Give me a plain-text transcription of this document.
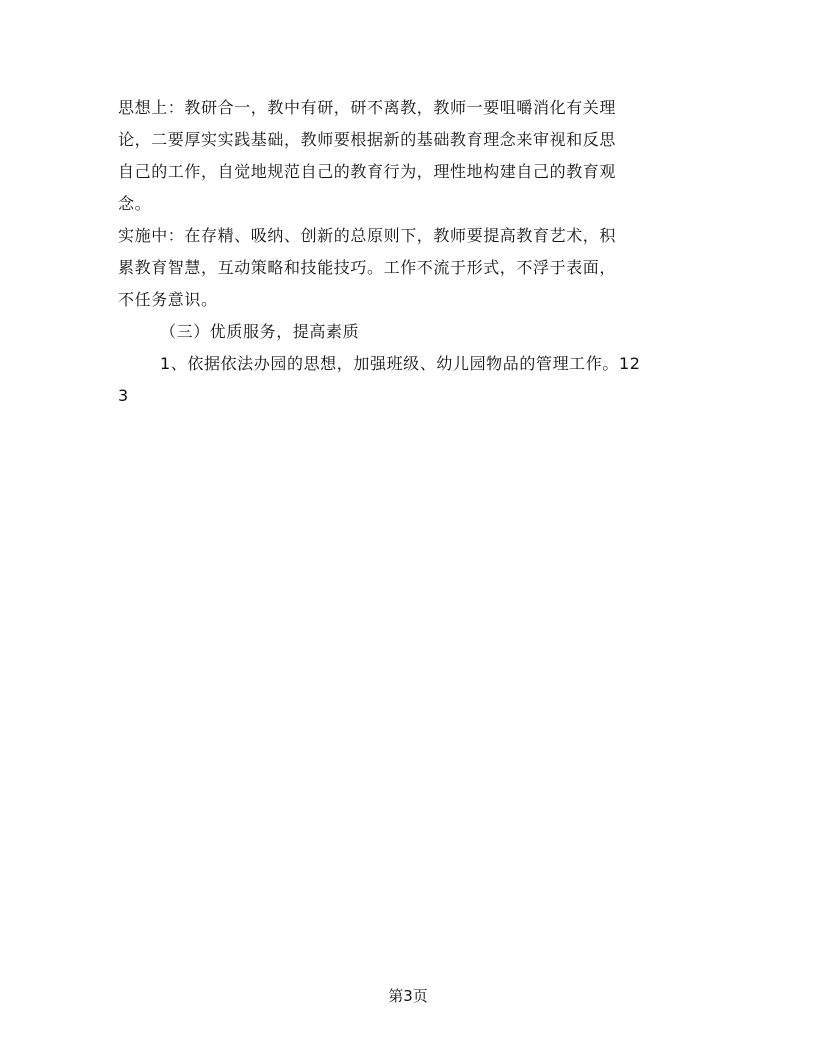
思想上：教研合一，教中有研，研不离教，教师一要咀嚼消化有关理
论，二要厚实实践基础，教师要根据新的基础教育理念来审视和反思
自己的工作，自觉地规范自己的教育行为，理性地构建自己的教育观
念。
实施中：在存精、吸纳、创新的总原则下，教师要提高教育艺术，积
累教育智慧，互动策略和技能技巧。工作不流于形式，不浮于表面，
不任务意识。
（三）优质服务，提高素质
1、依据依法办园的思想，加强班级、幼儿园物品的管理工作。12
3
第3页
